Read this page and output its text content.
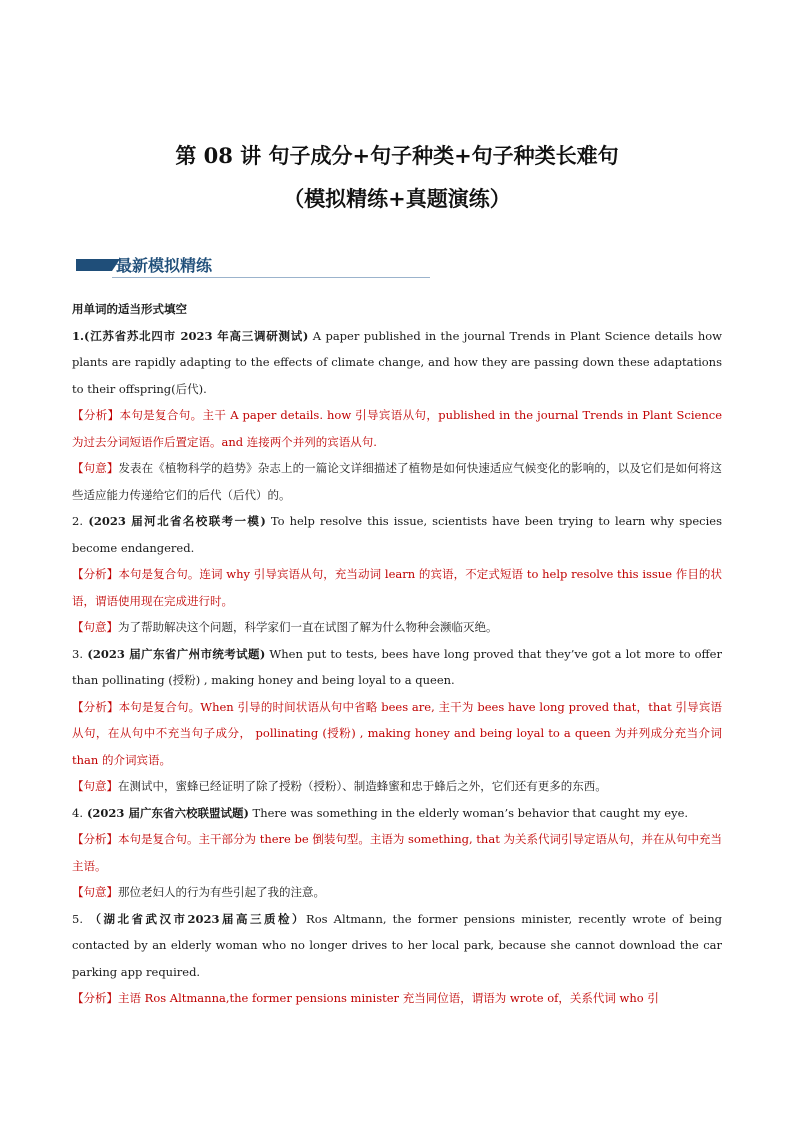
第 08 讲 句子成分+句子种类+句子种类长难句
（模拟精练+真题演练）
最新模拟精练

用单词的适当形式填空

1.(江苏省苏北四市 2023 年高三调研测试) A paper published in the journal Trends in Plant Science details how plants are rapidly adapting to the effects of climate change, and how they are passing down these adaptations to their offspring(后代).

【分析】本句是复合句。主干 A paper details. how 引导宾语从句，published in the journal Trends in Plant Science 为过去分词短语作后置定语。and 连接两个并列的宾语从句.

【句意】发表在《植物科学的趋势》杂志上的一篇论文详细描述了植物是如何快速适应气候变化的影响的，以及它们是如何将这些适应能力传递给它们的后代（后代）的。

2. (2023 届河北省名校联考一模) To help resolve this issue, scientists have been trying to learn why species become endangered.

【分析】本句是复合句。连词 why 引导宾语从句，充当动词 learn 的宾语，不定式短语 to help resolve this issue 作目的状语，谓语使用现在完成进行时。

【句意】为了帮助解决这个问题，科学家们一直在试图了解为什么物种会濒临灭绝。

3. (2023 届广东省广州市统考试题) When put to tests, bees have long proved that they’ve got a lot more to offer than pollinating (授粉) , making honey and being loyal to a queen.

【分析】本句是复合句。When 引导的时间状语从句中省略 bees are, 主干为 bees have long proved that，that 引导宾语从句，在从句中不充当句子成分， pollinating (授粉) , making honey and being loyal to a queen 为并列成分充当介词 than 的介词宾语。

【句意】在测试中，蜜蜂已经证明了除了授粉（授粉）、制造蜂蜜和忠于蜂后之外，它们还有更多的东西。

4. (2023 届广东省六校联盟试题) There was something in the elderly woman’s behavior that caught my eye.

【分析】本句是复合句。主干部分为 there be 倒装句型。主语为 something, that 为关系代词引导定语从句，并在从句中充当主语。

【句意】那位老妇人的行为有些引起了我的注意。

5. （湖北省武汉市2023届高三质检）Ros Altmann, the former pensions minister, recently wrote of being contacted by an elderly woman who no longer drives to her local park, because she cannot download the car parking app required.

【分析】主语 Ros Altmanna,the former pensions minister 充当同位语，谓语为 wrote of，关系代词 who 引
